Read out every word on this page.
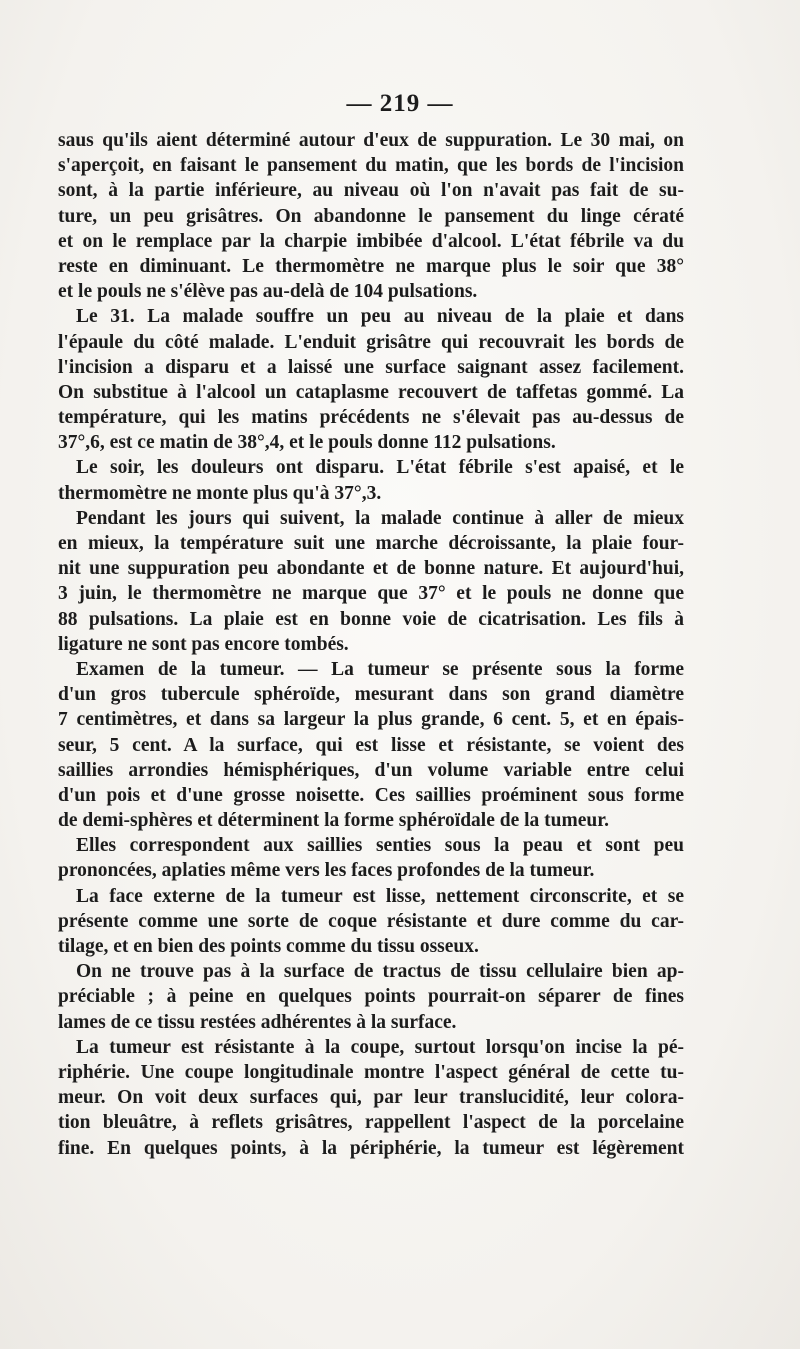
— 219 —
saus qu'ils aient déterminé autour d'eux de suppuration. Le 30 mai, on
s'aperçoit, en faisant le pansement du matin, que les bords de l'incision
sont, à la partie inférieure, au niveau où l'on n'avait pas fait de su-
ture, un peu grisâtres. On abandonne le pansement du linge cératé
et on le remplace par la charpie imbibée d'alcool. L'état fébrile va du
reste en diminuant. Le thermomètre ne marque plus le soir que 38°
et le pouls ne s'élève pas au-delà de 104 pulsations.
Le 31. La malade souffre un peu au niveau de la plaie et dans
l'épaule du côté malade. L'enduit grisâtre qui recouvrait les bords de
l'incision a disparu et a laissé une surface saignant assez facilement.
On substitue à l'alcool un cataplasme recouvert de taffetas gommé. La
température, qui les matins précédents ne s'élevait pas au-dessus de
37°,6, est ce matin de 38°,4, et le pouls donne 112 pulsations.
Le soir, les douleurs ont disparu. L'état fébrile s'est apaisé, et le
thermomètre ne monte plus qu'à 37°,3.
Pendant les jours qui suivent, la malade continue à aller de mieux
en mieux, la température suit une marche décroissante, la plaie four-
nit une suppuration peu abondante et de bonne nature. Et aujourd'hui,
3 juin, le thermomètre ne marque que 37° et le pouls ne donne que
88 pulsations. La plaie est en bonne voie de cicatrisation. Les fils à
ligature ne sont pas encore tombés.
Examen de la tumeur. — La tumeur se présente sous la forme
d'un gros tubercule sphéroïde, mesurant dans son grand diamètre
7 centimètres, et dans sa largeur la plus grande, 6 cent. 5, et en épais-
seur, 5 cent. A la surface, qui est lisse et résistante, se voient des
saillies arrondies hémisphériques, d'un volume variable entre celui
d'un pois et d'une grosse noisette. Ces saillies proéminent sous forme
de demi-sphères et déterminent la forme sphéroïdale de la tumeur.
Elles correspondent aux saillies senties sous la peau et sont peu
prononcées, aplaties même vers les faces profondes de la tumeur.
La face externe de la tumeur est lisse, nettement circonscrite, et se
présente comme une sorte de coque résistante et dure comme du car-
tilage, et en bien des points comme du tissu osseux.
On ne trouve pas à la surface de tractus de tissu cellulaire bien ap-
préciable ; à peine en quelques points pourrait-on séparer de fines
lames de ce tissu restées adhérentes à la surface.
La tumeur est résistante à la coupe, surtout lorsqu'on incise la pé-
riphérie. Une coupe longitudinale montre l'aspect général de cette tu-
meur. On voit deux surfaces qui, par leur translucidité, leur colora-
tion bleuâtre, à reflets grisâtres, rappellent l'aspect de la porcelaine
fine. En quelques points, à la périphérie, la tumeur est légèrement
